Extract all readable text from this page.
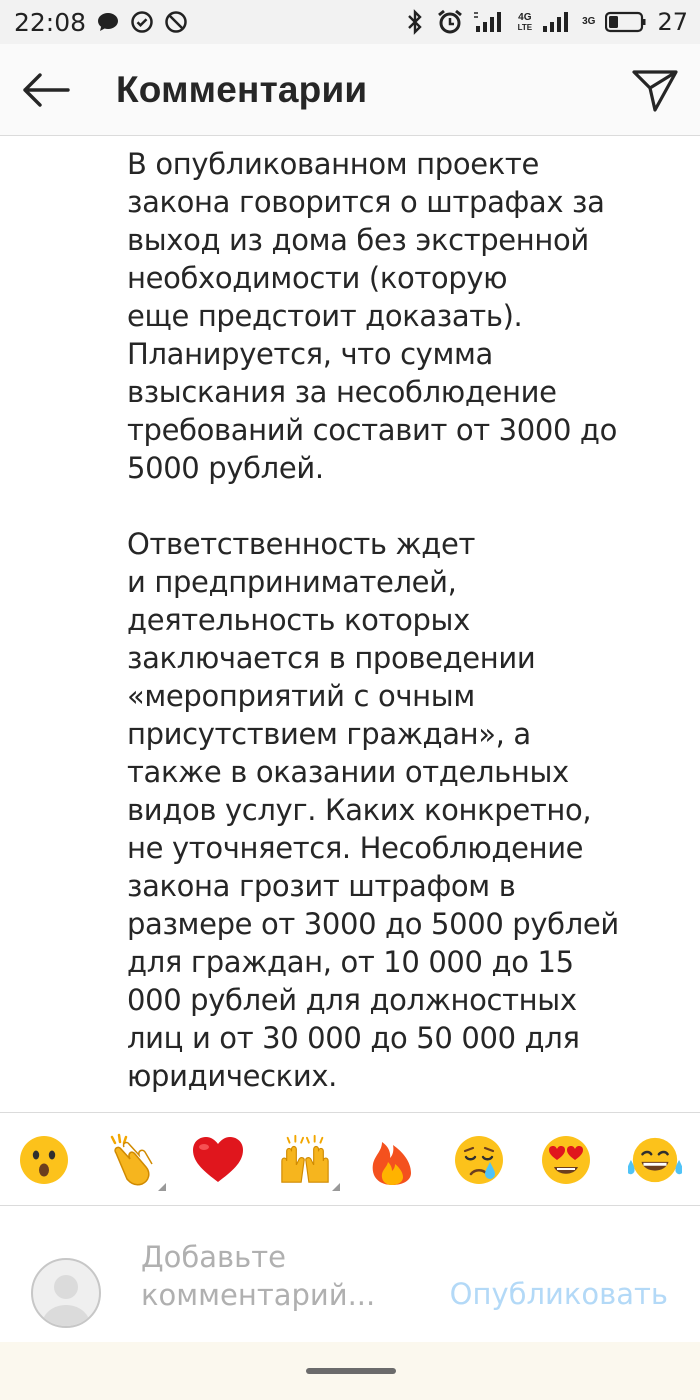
22:08	4G
LTE	3G	27
Комментарии

В опубликованном проекте
закона говорится о штрафах за
выход из дома без экстренной
необходимости (которую
еще предстоит доказать).
Планируется, что сумма
взыскания за несоблюдение
требований составит от 3000 до
5000 рублей.

Ответственность ждет
и предпринимателей,
деятельность которых
заключается в проведении
«мероприятий с очным
присутствием граждан», а
также в оказании отдельных
видов услуг. Каких конкретно,
не уточняется. Несоблюдение
закона грозит штрафом в
размере от 3000 до 5000 рублей
для граждан, от 10 000 до 15
000 рублей для должностных
лиц и от 30 000 до 50 000 для
юридических.

Добавьте
комментарий...	Опубликовать
